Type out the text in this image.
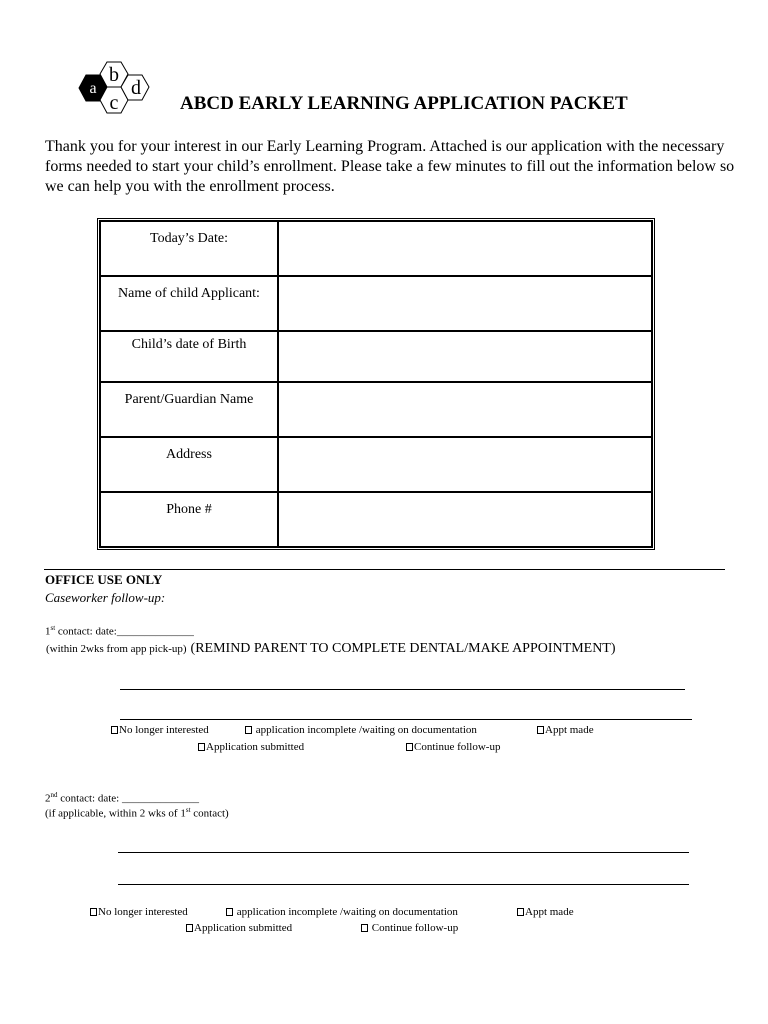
a
b
c
d
ABCD EARLY LEARNING APPLICATION PACKET
Thank you for your interest in our Early Learning Program. Attached is our application with the necessary forms needed to start your child’s enrollment. Please take a few minutes to fill out the information below so we can help you with the enrollment process.
Today’s Date:	
Name of child Applicant:	
Child’s date of Birth	
Parent/Guardian Name	
Address	
Phone #	
OFFICE USE ONLY
Caseworker follow-up:
1st contact: date:______________
(within 2wks from app pick-up) (REMIND PARENT TO COMPLETE DENTAL/MAKE APPOINTMENT)
No longer interested	application incomplete /waiting on documentation	Appt made
Application submitted	Continue follow-up
2nd contact: date: ______________
(if applicable, within 2 wks of 1st contact)
No longer interested	application incomplete /waiting on documentation	Appt made
Application submitted	Continue follow-up
